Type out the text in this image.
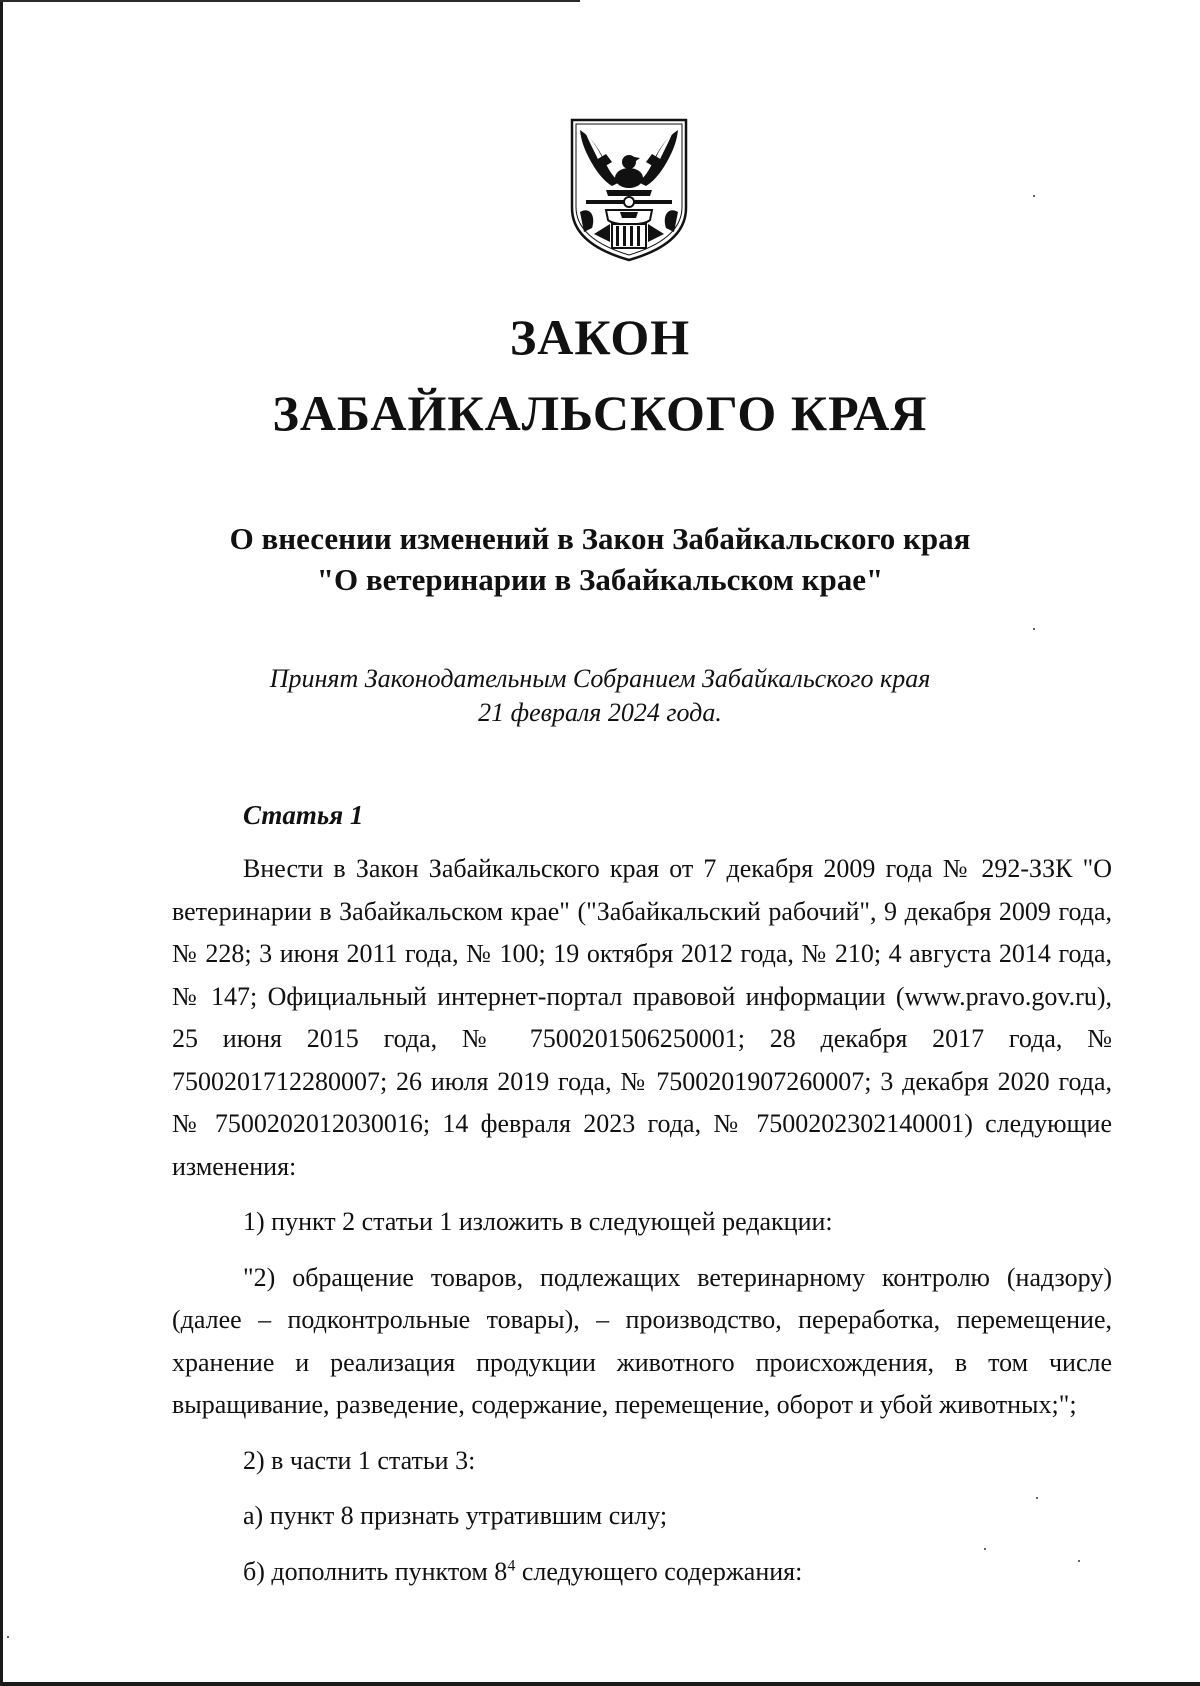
ЗАКОН
ЗАБАЙКАЛЬСКОГО КРАЯ
О внесении изменений в Закон Забайкальского края
"О ветеринарии в Забайкальском крае"
Принят Законодательным Собранием Забайкальского края
21 февраля 2024 года.
Статья 1

Внести в Закон Забайкальского края от 7 декабря 2009 года № 292-ЗЗК "О ветеринарии в Забайкальском крае" ("Забайкальский рабочий", 9 декабря 2009 года, № 228; 3 июня 2011 года, № 100; 19 октября 2012 года, № 210; 4 августа 2014 года, № 147; Официальный интернет-портал правовой информации (www.pravo.gov.ru), 25 июня 2015 года, № 7500201506250001; 28 декабря 2017 года, № 7500201712280007; 26 июля 2019 года, № 7500201907260007; 3 декабря 2020 года, № 7500202012030016; 14 февраля 2023 года, № 7500202302140001) следующие изменения:

1) пункт 2 статьи 1 изложить в следующей редакции:

"2) обращение товаров, подлежащих ветеринарному контролю (надзору) (далее – подконтрольные товары), – производство, переработка, перемещение, хранение и реализация продукции животного происхождения, в том числе выращивание, разведение, содержание, перемещение, оборот и убой животных;";

2) в части 1 статьи 3:

а) пункт 8 признать утратившим силу;

б) дополнить пунктом $8^4$ следующего содержания:
